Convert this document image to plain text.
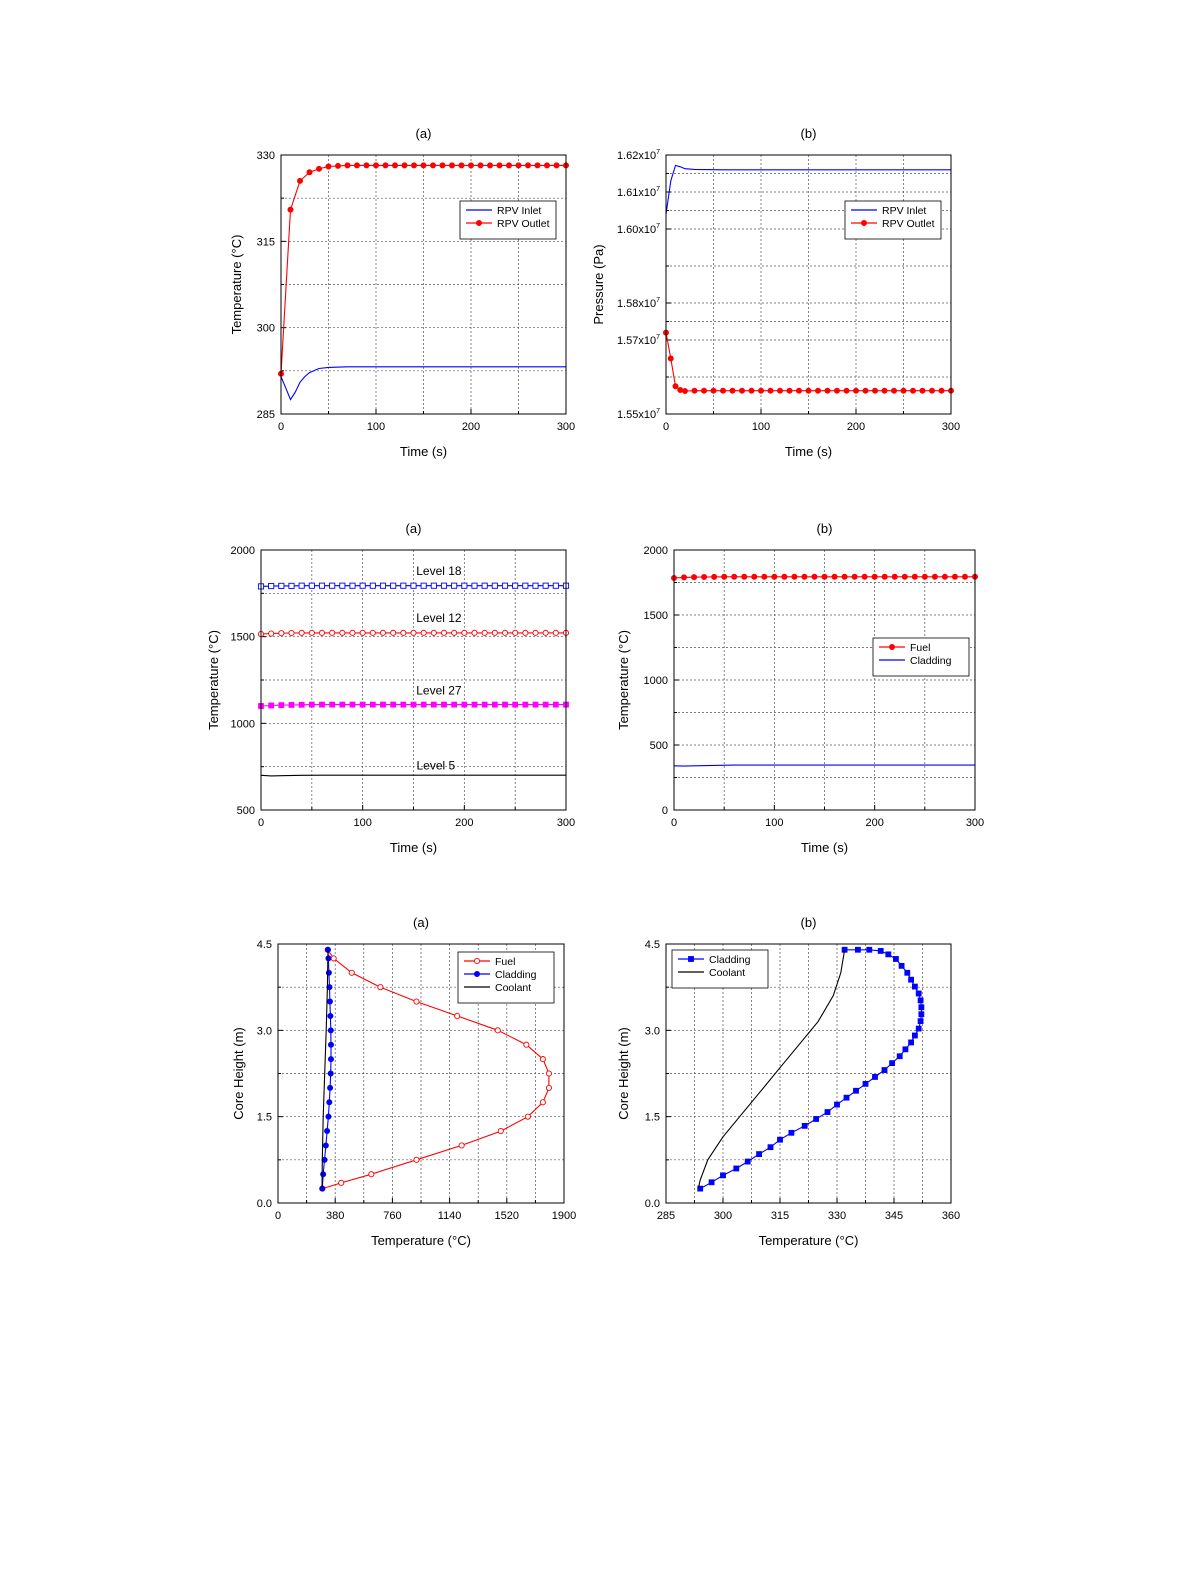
(a)
0	100	200	300
285
300
315
330
Time (s)
Temperature (°C)
RPV Inlet
RPV Outlet
(b)
0	100	200	300
$1.55x10^7$
$1.57x10^7$
$1.58x10^7$
$1.60x10^7$
$1.61x10^7$
$1.62x10^7$
Time (s)
Pressure (Pa)
RPV Inlet
RPV Outlet
(a)
0	100	200	300
500
1000
1500
2000
Time (s)
Temperature (°C)
Level 18
Level 12
Level 27
Level 5
(b)
0	100	200	300
0
500
1000
1500
2000
Time (s)
Temperature (°C)	Fuel
Cladding
(a)
0	380	760	1140	1520	1900
0.0
1.5
3.0
4.5
Temperature (°C)
Core Height (m)
Fuel
Cladding
Coolant
(b)
285	300	315	330	345	360
0.0
1.5
3.0
4.5
Temperature (°C)
Core Height (m)
Cladding
Coolant
